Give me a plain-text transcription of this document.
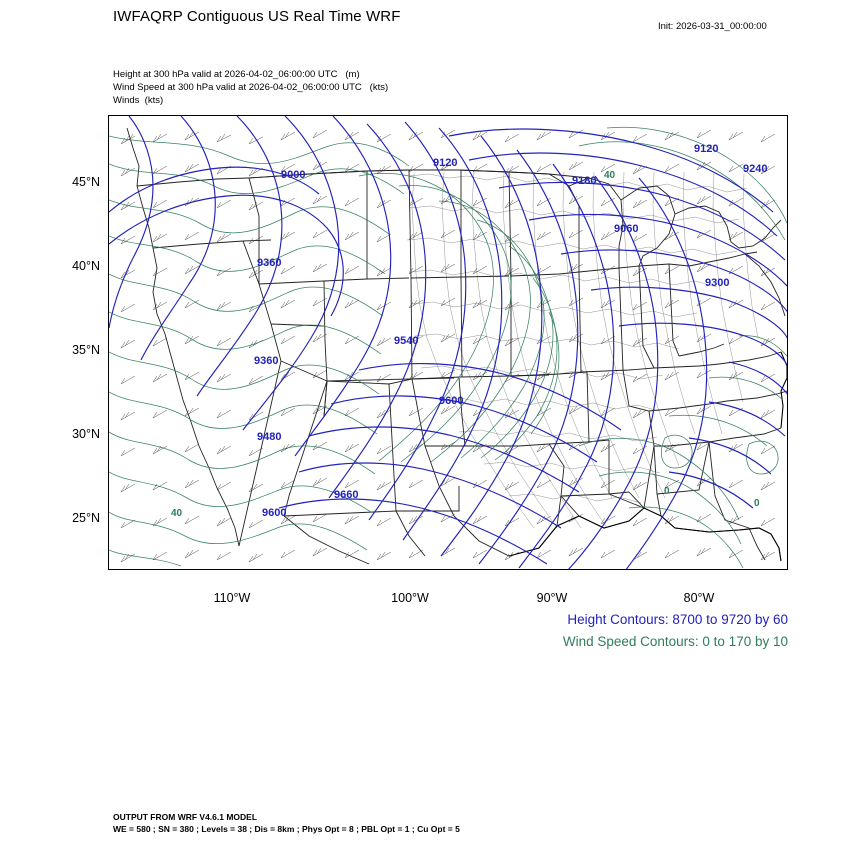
IWFAQRP Contiguous US Real Time WRF
Init: 2026-03-31_00:00:00
Height at 300 hPa valid at 2026-04-02_06:00:00 UTC   (m)
Wind Speed at 300 hPa valid at 2026-04-02_06:00:00 UTC   (kts)
Winds  (kts)
45°N
40°N
35°N
30°N
25°N
110°W	100°W	90°W	80°W
40
40
0
0
9000
9120
9120
9240
9180
9060
9360
9300
9360
9540
9600
9480
9600
9660
Height Contours: 8700 to 9720 by 60
Wind Speed Contours: 0 to 170 by 10
OUTPUT FROM WRF V4.6.1 MODEL
WE = 580 ; SN = 380 ; Levels = 38 ; Dis = 8km ; Phys Opt = 8 ; PBL Opt = 1 ; Cu Opt = 5
